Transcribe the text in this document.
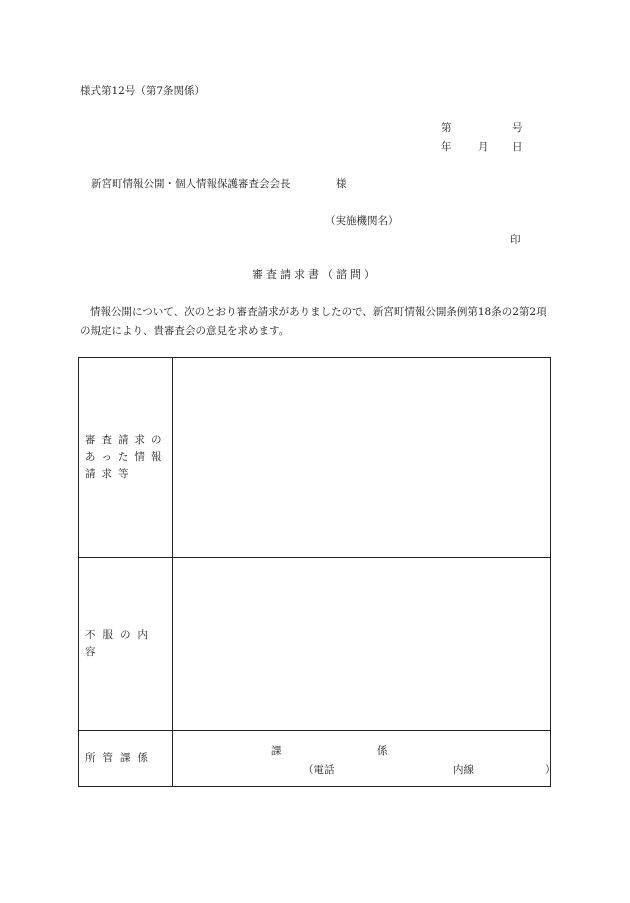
様式第12号（第7条関係）
第	号
年	月 日
新宮町情報公開・個人情報保護審査会会長	様
（実施機関名）
印
審査請求書（諮問）
情報公開について、次のとおり審査請求がありましたので、新宮町情報公開条例第18条の2第2項の規定により、貴審査会の意見を求めます。
審査請求のあった情報請求等	
不服の内容	
所管課係	課 係
（電話 内線 ）
